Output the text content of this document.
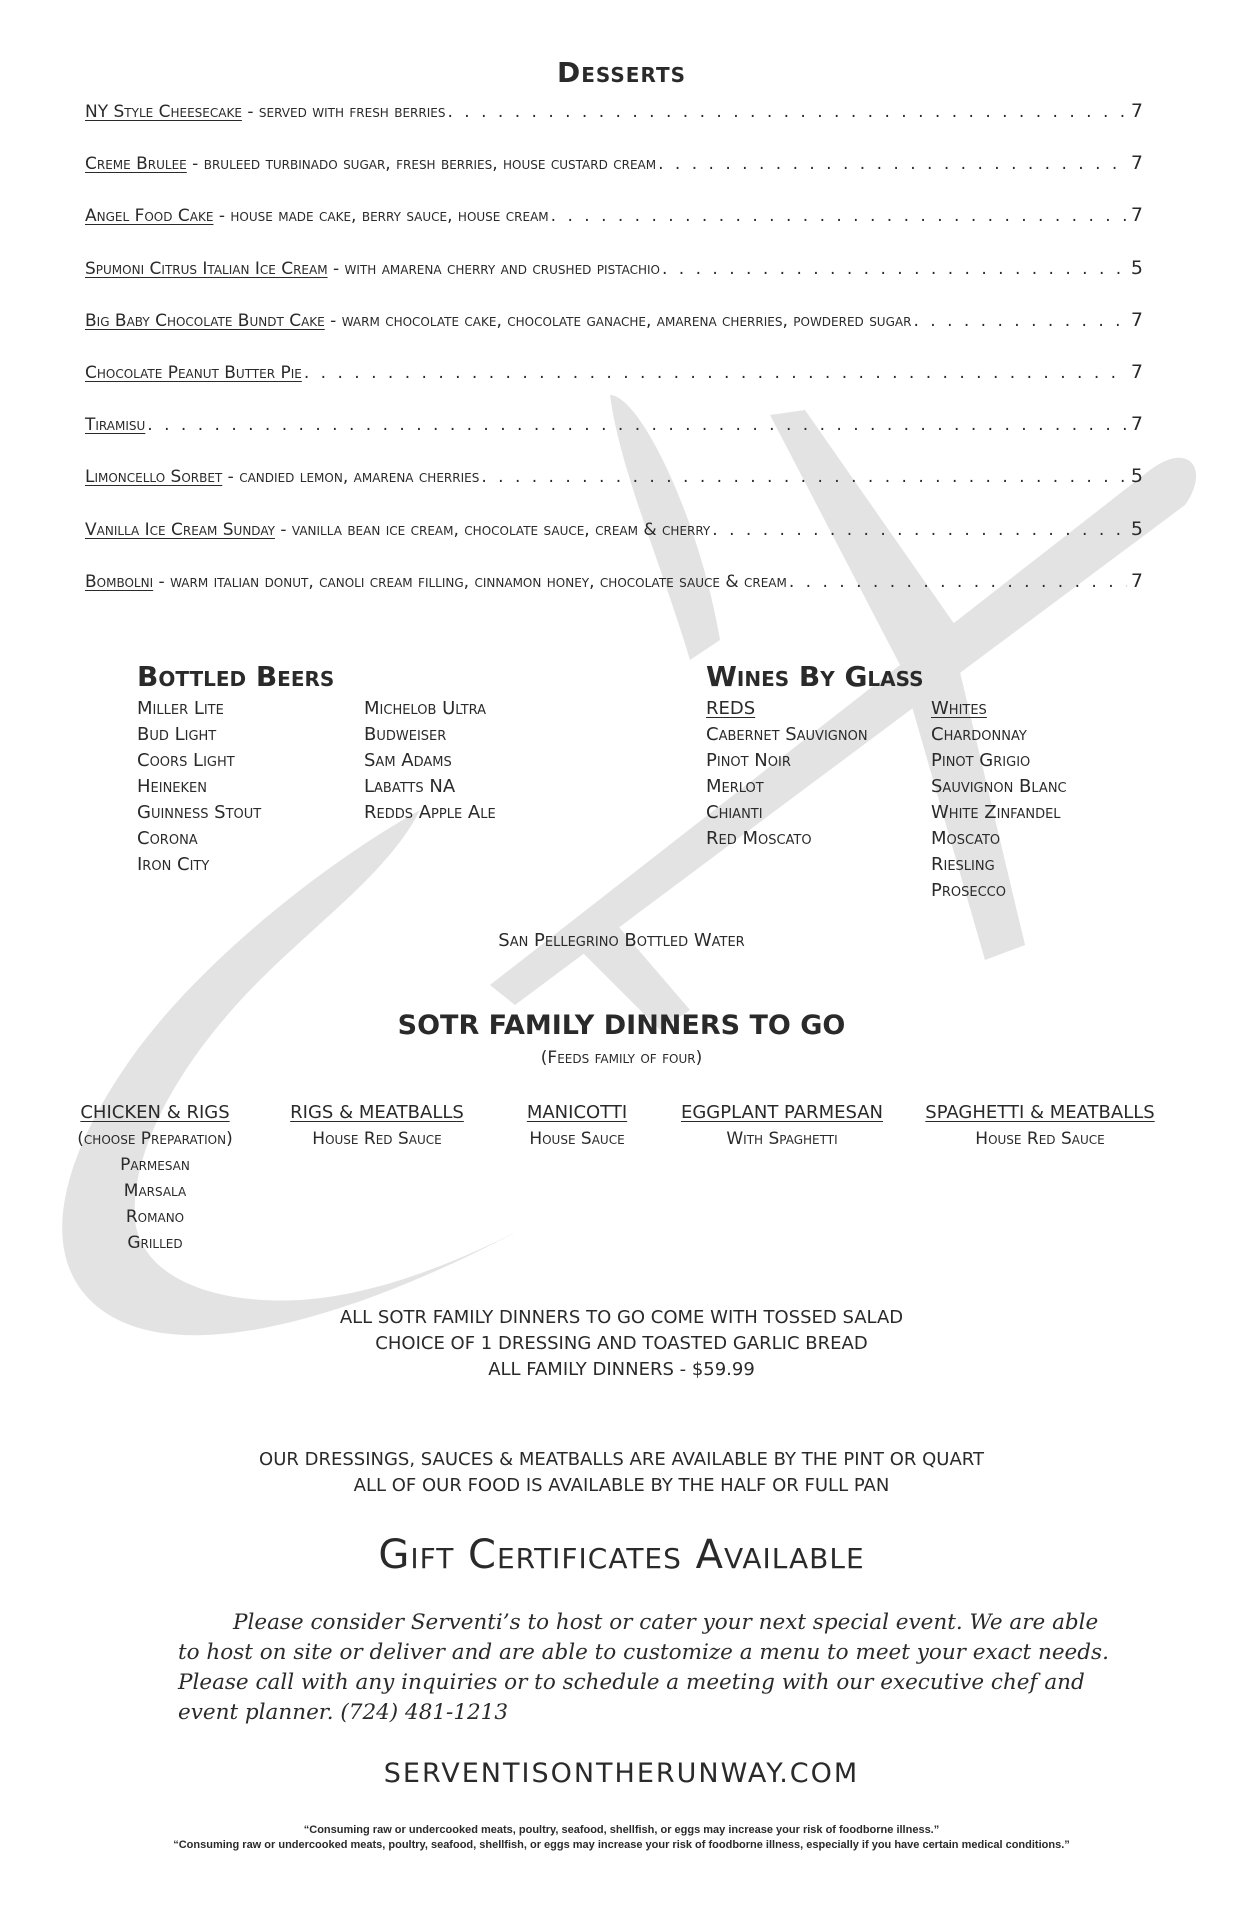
Desserts
NY Style Cheesecake - served with fresh berries . . .	7
Creme Brulee - bruleed turbinado sugar, fresh berries, house custard cream . . .	7
Angel Food Cake - house made cake, berry sauce, house cream . . .	7
Spumoni Citrus Italian Ice Cream - with amarena cherry and crushed pistachio . . .	5
Big Baby Chocolate Bundt Cake - warm chocolate cake, chocolate ganache, amarena cherries, powdered sugar . . .	7
Chocolate Peanut Butter Pie . . .	7
Tiramisu . . .	7
Limoncello Sorbet - candied lemon, amarena cherries . . .	5
Vanilla Ice Cream Sunday - vanilla bean ice cream, chocolate sauce, cream & cherry . . .	5
Bombolni - warm italian donut, canoli cream filling, cinnamon honey, chocolate sauce & cream . . .	7
Bottled Beers
Miller Lite
Bud Light
Coors Light
Heineken
Guinness Stout
Corona
Iron City
Michelob Ultra
Budweiser
Sam Adams
Labatts NA
Redds Apple Ale
Wines By Glass
REDS
Cabernet Sauvignon
Pinot Noir
Merlot
Chianti
Red Moscato
Whites
Chardonnay
Pinot Grigio
Sauvignon Blanc
White Zinfandel
Moscato
Riesling
Prosecco
San Pellegrino Bottled Water
SOTR FAMILY DINNERS TO GO
(Feeds family of four)
CHICKEN & RIGS
(choose Preparation)
Parmesan
Marsala
Romano
Grilled
RIGS & MEATBALLS
House Red Sauce
MANICOTTI
House Sauce
EGGPLANT PARMESAN
With Spaghetti
SPAGHETTI & MEATBALLS
House Red Sauce
ALL SOTR FAMILY DINNERS TO GO COME WITH TOSSED SALAD
CHOICE OF 1 DRESSING AND TOASTED GARLIC BREAD
ALL FAMILY DINNERS - $59.99
OUR DRESSINGS, SAUCES & MEATBALLS ARE AVAILABLE BY THE PINT OR QUART
ALL OF OUR FOOD IS AVAILABLE BY THE HALF OR FULL PAN
Gift Certificates Available
Please consider Serventi’s to host or cater your next special event. We are able
to host on site or deliver and are able to customize a menu to meet your exact needs.
Please call with any inquiries or to schedule a meeting with our executive chef and
event planner. (724) 481-1213
SERVENTISONTHERUNWAY.COM
“Consuming raw or undercooked meats, poultry, seafood, shellfish, or eggs may increase your risk of foodborne illness.”
“Consuming raw or undercooked meats, poultry, seafood, shellfish, or eggs may increase your risk of foodborne illness, especially if you have certain medical conditions.”
